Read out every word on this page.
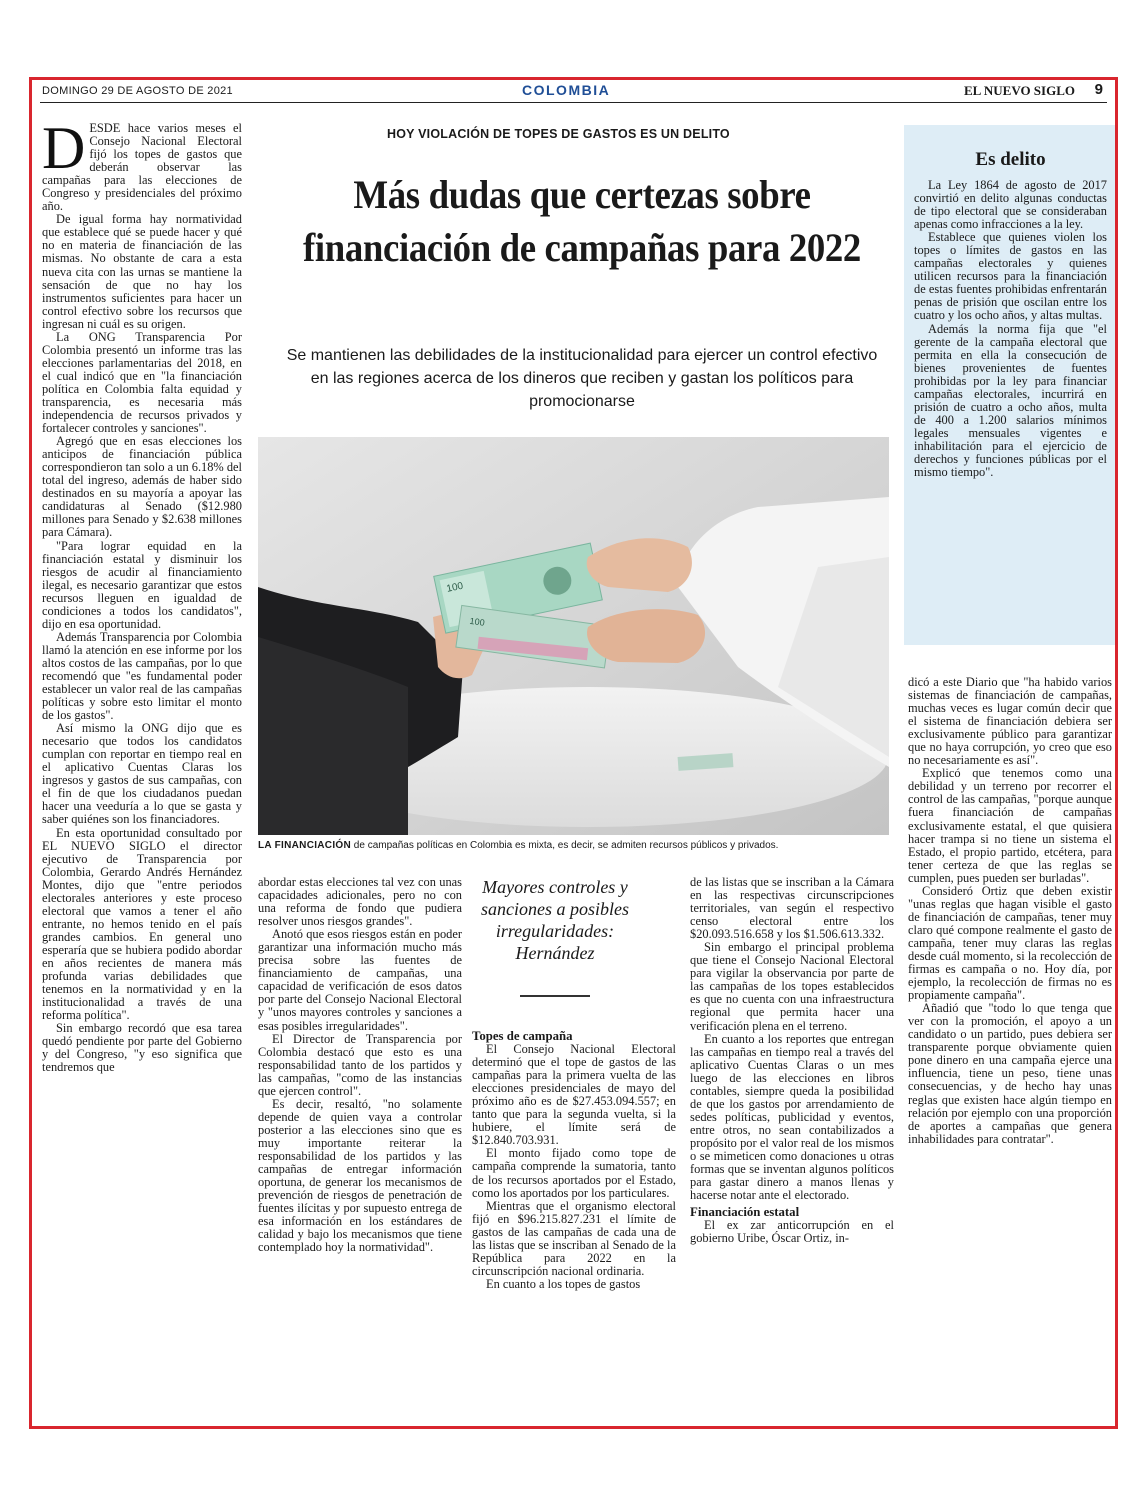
DOMINGO 29 DE AGOSTO DE 2021	COLOMBIA	EL NUEVO SIGLO 9
D ESDE hace varios meses el Consejo Nacional Electoral fijó los topes de gastos que deberán observar las campañas para las elecciones de Congreso y presidenciales del próximo año.

De igual forma hay normatividad que establece qué se puede hacer y qué no en materia de financiación de las mismas. No obstante de cara a esta nueva cita con las urnas se mantiene la sensación de que no hay los instrumentos suficientes para hacer un control efectivo sobre los recursos que ingresan ni cuál es su origen.

La ONG Transparencia Por Colombia presentó un informe tras las elecciones parlamentarias del 2018, en el cual indicó que en "la financiación política en Colombia falta equidad y transparencia, es necesaria más independencia de recursos privados y fortalecer controles y sanciones".

Agregó que en esas elecciones los anticipos de financiación pública correspondieron tan solo a un 6.18% del total del ingreso, además de haber sido destinados en su mayoría a apoyar las candidaturas al Senado ($12.980 millones para Senado y $2.638 millones para Cámara).

"Para lograr equidad en la financiación estatal y disminuir los riesgos de acudir al financiamiento ilegal, es necesario garantizar que estos recursos lleguen en igualdad de condiciones a todos los candidatos", dijo en esa oportunidad.

Además Transparencia por Colombia llamó la atención en ese informe por los altos costos de las campañas, por lo que recomendó que "es fundamental poder establecer un valor real de las campañas políticas y sobre esto limitar el monto de los gastos".

Así mismo la ONG dijo que es necesario que todos los candidatos cumplan con reportar en tiempo real en el aplicativo Cuentas Claras los ingresos y gastos de sus campañas, con el fin de que los ciudadanos puedan hacer una veeduría a lo que se gasta y saber quiénes son los financiadores.

En esta oportunidad consultado por EL NUEVO SIGLO el director ejecutivo de Transparencia por Colombia, Gerardo Andrés Hernández Montes, dijo que "entre periodos electorales anteriores y este proceso electoral que vamos a tener el año entrante, no hemos tenido en el país grandes cambios. En general uno esperaría que se hubiera podido abordar en años recientes de manera más profunda varias debilidades que tenemos en la normatividad y en la institucionalidad a través de una reforma política".

Sin embargo recordó que esa tarea quedó pendiente por parte del Gobierno y del Congreso, "y eso significa que tendremos que

HOY VIOLACIÓN DE TOPES DE GASTOS ES UN DELITO
Más dudas que certezas sobre financiación de campañas para 2022
Se mantienen las debilidades de la institucionalidad para ejercer un control efectivo en las regiones acerca de los dineros que reciben y gastan los políticos para promocionarse
100
100
LA FINANCIACIÓN de campañas políticas en Colombia es mixta, es decir, se admiten recursos públicos y privados.
Es delito

La Ley 1864 de agosto de 2017 convirtió en delito algunas conductas de tipo electoral que se consideraban apenas como infracciones a la ley.

Establece que quienes violen los topes o límites de gastos en las campañas electorales y quienes utilicen recursos para la financiación de estas fuentes prohibidas enfrentarán penas de prisión que oscilan entre los cuatro y los ocho años, y altas multas.

Además la norma fija que "el gerente de la campaña electoral que permita en ella la consecución de bienes provenientes de fuentes prohibidas por la ley para financiar campañas electorales, incurrirá en prisión de cuatro a ocho años, multa de 400 a 1.200 salarios mínimos legales mensuales vigentes e inhabilitación para el ejercicio de derechos y funciones públicas por el mismo tiempo".

abordar estas elecciones tal vez con unas capacidades adicionales, pero no con una reforma de fondo que pudiera resolver unos riesgos grandes".

Anotó que esos riesgos están en poder garantizar una información mucho más precisa sobre las fuentes de financiamiento de campañas, una capacidad de verificación de esos datos por parte del Consejo Nacional Electoral y "unos mayores controles y sanciones a esas posibles irregularidades".

El Director de Transparencia por Colombia destacó que esto es una responsabilidad tanto de los partidos y las campañas, "como de las instancias que ejercen control".

Es decir, resaltó, "no solamente depende de quien vaya a controlar posterior a las elecciones sino que es muy importante reiterar la responsabilidad de los partidos y las campañas de entregar información oportuna, de generar los mecanismos de prevención de riesgos de penetración de fuentes ilícitas y por supuesto entrega de esa información en los estándares de calidad y bajo los mecanismos que tiene contemplado hoy la normatividad".

Mayores controles y sanciones a posibles irregularidades: Hernández

Topes de campaña

El Consejo Nacional Electoral determinó que el tope de gastos de las campañas para la primera vuelta de las elecciones presidenciales de mayo del próximo año es de $27.453.094.557; en tanto que para la segunda vuelta, si la hubiere, el límite será de $12.840.703.931.

El monto fijado como tope de campaña comprende la sumatoria, tanto de los recursos aportados por el Estado, como los aportados por los particulares.

Mientras que el organismo electoral fijó en $96.215.827.231 el límite de gastos de las campañas de cada una de las listas que se inscriban al Senado de la República para 2022 en la circunscripción nacional ordinaria.

En cuanto a los topes de gastos

de las listas que se inscriban a la Cámara en las respectivas circunscripciones territoriales, van según el respectivo censo electoral entre los $20.093.516.658 y los $1.506.613.332.

Sin embargo el principal problema que tiene el Consejo Nacional Electoral para vigilar la observancia por parte de las campañas de los topes establecidos es que no cuenta con una infraestructura regional que permita hacer una verificación plena en el terreno.

En cuanto a los reportes que entregan las campañas en tiempo real a través del aplicativo Cuentas Claras o un mes luego de las elecciones en libros contables, siempre queda la posibilidad de que los gastos por arrendamiento de sedes políticas, publicidad y eventos, entre otros, no sean contabilizados a propósito por el valor real de los mismos o se mimeticen como donaciones u otras formas que se inventan algunos políticos para gastar dinero a manos llenas y hacerse notar ante el electorado.

Financiación estatal

El ex zar anticorrupción en el gobierno Uribe, Óscar Ortiz, in-

dicó a este Diario que "ha habido varios sistemas de financiación de campañas, muchas veces es lugar común decir que el sistema de financiación debiera ser exclusivamente público para garantizar que no haya corrupción, yo creo que eso no necesariamente es así".

Explicó que tenemos como una debilidad y un terreno por recorrer el control de las campañas, "porque aunque fuera financiación de campañas exclusivamente estatal, el que quisiera hacer trampa si no tiene un sistema el Estado, el propio partido, etcétera, para tener certeza de que las reglas se cumplen, pues pueden ser burladas".

Consideró Ortiz que deben existir "unas reglas que hagan visible el gasto de financiación de campañas, tener muy claro qué compone realmente el gasto de campaña, tener muy claras las reglas desde cuál momento, si la recolección de firmas es campaña o no. Hoy día, por ejemplo, la recolección de firmas no es propiamente campaña".

Añadió que "todo lo que tenga que ver con la promoción, el apoyo a un candidato o un partido, pues debiera ser transparente porque obviamente quien pone dinero en una campaña ejerce una influencia, tiene un peso, tiene unas consecuencias, y de hecho hay unas reglas que existen hace algún tiempo en relación por ejemplo con una proporción de aportes a campañas que genera inhabilidades para contratar".
